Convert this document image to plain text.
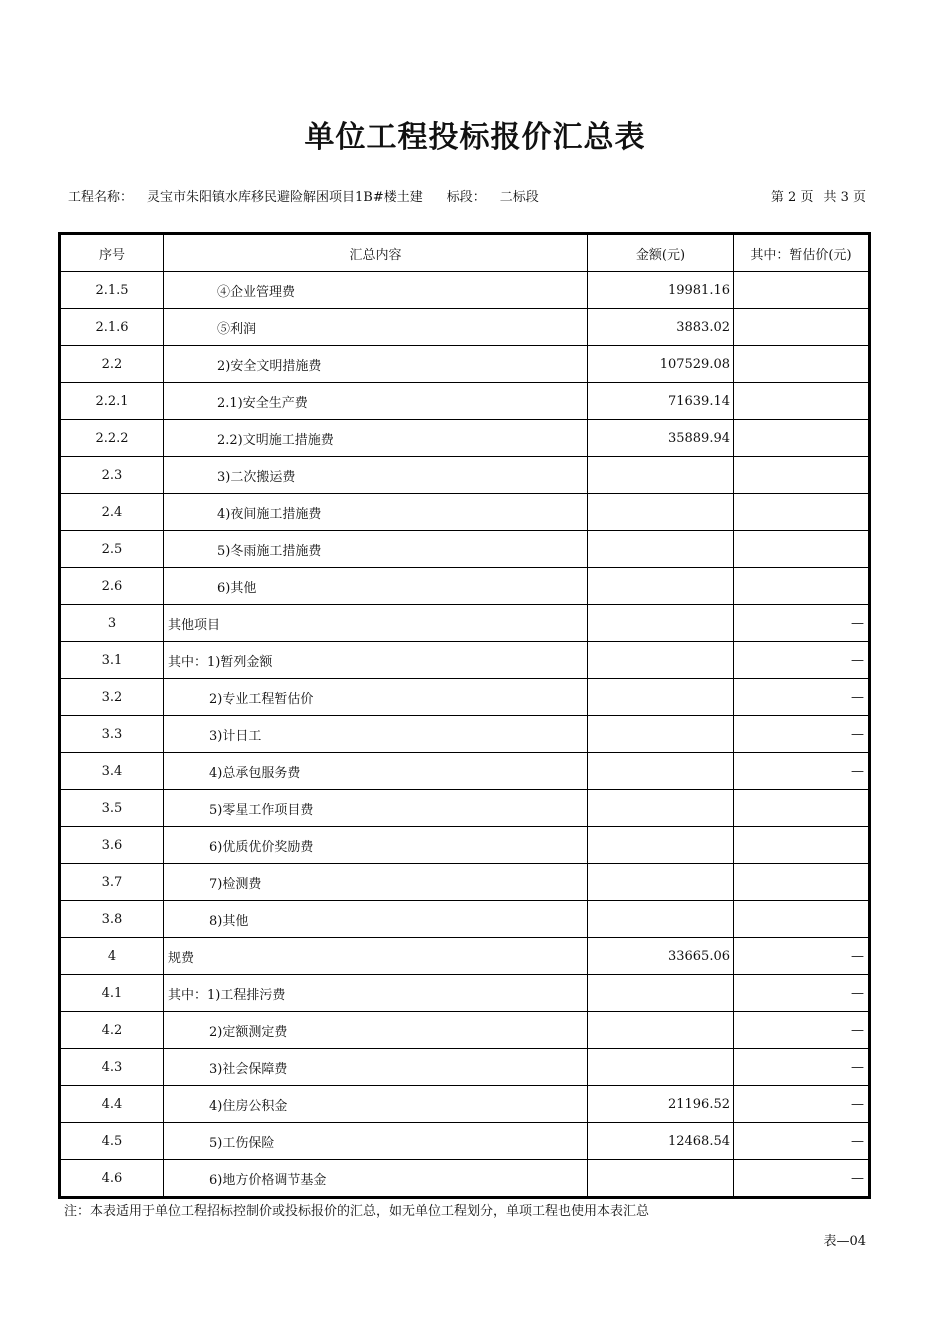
单位工程投标报价汇总表
工程名称： 灵宝市朱阳镇水库移民避险解困项目1B#楼土建 标段： 二标段	第 2 页 共 3 页
序号	汇总内容	金额(元)	其中：暂估价(元)
2.1.5	④企业管理费	19981.16	
2.1.6	⑤利润	3883.02	
2.2	2)安全文明措施费	107529.08	
2.2.1	2.1)安全生产费	71639.14	
2.2.2	2.2)文明施工措施费	35889.94	
2.3	3)二次搬运费		
2.4	4)夜间施工措施费		
2.5	5)冬雨施工措施费		
2.6	6)其他		
3	其他项目		—
3.1	其中：1)暂列金额		—
3.2	2)专业工程暂估价		—
3.3	3)计日工		—
3.4	4)总承包服务费		—
3.5	5)零星工作项目费		
3.6	6)优质优价奖励费		
3.7	7)检测费		
3.8	8)其他		
4	规费	33665.06	—
4.1	其中：1)工程排污费		—
4.2	2)定额测定费		—
4.3	3)社会保障费		—
4.4	4)住房公积金	21196.52	—
4.5	5)工伤保险	12468.54	—
4.6	6)地方价格调节基金		—
注：本表适用于单位工程招标控制价或投标报价的汇总，如无单位工程划分，单项工程也使用本表汇总
表—04
